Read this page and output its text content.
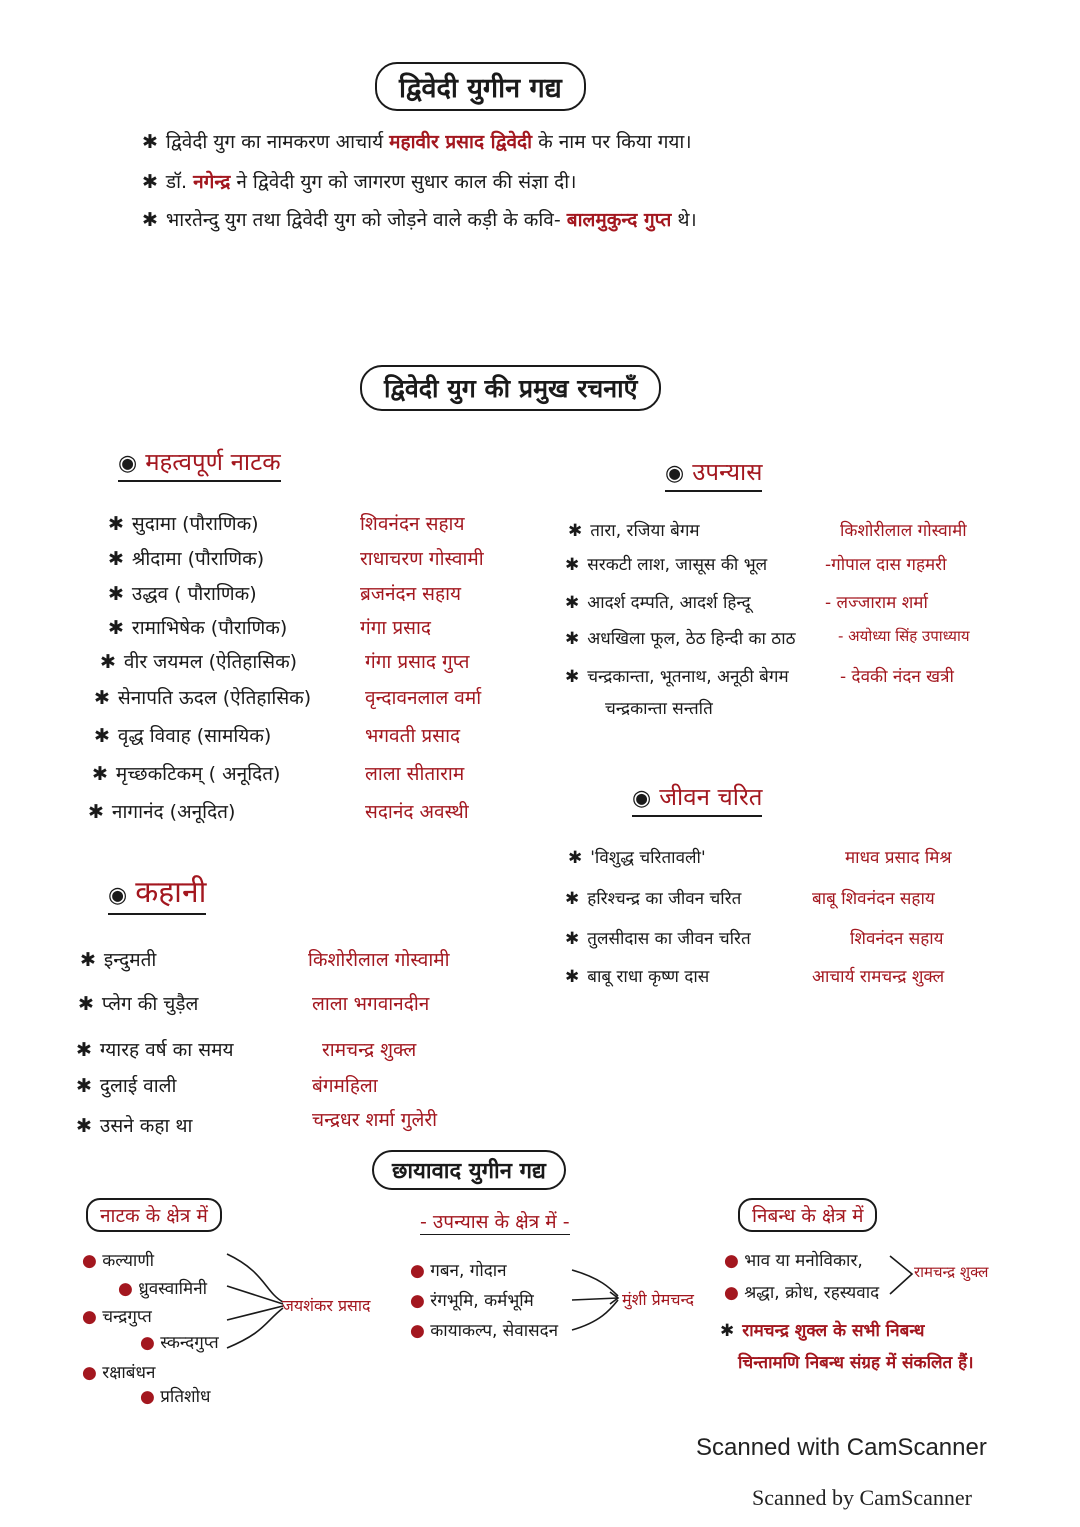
द्विवेदी युगीन गद्य
✱ द्विवेदी युग का नामकरण आचार्य महावीर प्रसाद द्विवेदी के नाम पर किया गया।
✱ डॉ. नगेन्द्र ने द्विवेदी युग को जागरण सुधार काल की संज्ञा दी।
✱ भारतेन्दु युग तथा द्विवेदी युग को जोड़ने वाले कड़ी के कवि- बालमुकुन्द गुप्त थे।
द्विवेदी युग की प्रमुख रचनाएँ
◉ महत्वपूर्ण नाटक
✱ सुदामा (पौराणिक)	शिवनंदन सहाय
✱ श्रीदामा (पौराणिक)	राधाचरण गोस्वामी
✱ उद्धव ( पौराणिक)	ब्रजनंदन सहाय
✱ रामाभिषेक (पौराणिक)	गंगा प्रसाद
✱ वीर जयमल (ऐतिहासिक)	गंगा प्रसाद गुप्त
✱ सेनापति ऊदल (ऐतिहासिक)	वृन्दावनलाल वर्मा
✱ वृद्ध विवाह (सामयिक)	भगवती प्रसाद
✱ मृच्छकटिकम् ( अनूदित)	लाला सीताराम
✱ नागानंद (अनूदित)	सदानंद अवस्थी
◉ उपन्यास
✱ तारा, रजिया बेगम	किशोरीलाल गोस्वामी
✱ सरकटी लाश, जासूस की भूल	-गोपाल दास गहमरी
✱ आदर्श दम्पति, आदर्श हिन्दू	- लज्जाराम शर्मा
✱ अधखिला फूल, ठेठ हिन्दी का ठाठ	- अयोध्या सिंह उपाध्याय
✱ चन्द्रकान्ता, भूतनाथ, अनूठी बेगम	- देवकी नंदन खत्री
चन्द्रकान्ता सन्तति
◉ जीवन चरित
✱ 'विशुद्ध चरितावली'	माधव प्रसाद मिश्र
✱ हरिश्चन्द्र का जीवन चरित	बाबू शिवनंदन सहाय
✱ तुलसीदास का जीवन चरित	शिवनंदन सहाय
✱ बाबू राधा कृष्ण दास	आचार्य रामचन्द्र शुक्ल
◉ कहानी
✱ इन्दुमती	किशोरीलाल गोस्वामी
✱ प्लेग की चुड़ैल	लाला भगवानदीन
✱ ग्यारह वर्ष का समय	रामचन्द्र शुक्ल
✱ दुलाई वाली	बंगमहिला
✱ उसने कहा था	चन्द्रधर शर्मा गुलेरी
छायावाद युगीन गद्य
नाटक के क्षेत्र में
● कल्याणी
● ध्रुवस्वामिनी
● चन्द्रगुप्त
● स्कन्दगुप्त
● रक्षाबंधन
● प्रतिशोध
जयशंकर प्रसाद
- उपन्यास के क्षेत्र में -
● गबन, गोदान
● रंगभूमि, कर्मभूमि
● कायाकल्प, सेवासदन
मुंशी प्रेमचन्द
निबन्ध के क्षेत्र में
● भाव या मनोविकार,
● श्रद्धा, क्रोध, रहस्यवाद
रामचन्द्र शुक्ल
✱ रामचन्द्र शुक्ल के सभी निबन्ध
चिन्तामणि निबन्ध संग्रह में संकलित हैं।
Scanned with CamScanner
Scanned by CamScanner
